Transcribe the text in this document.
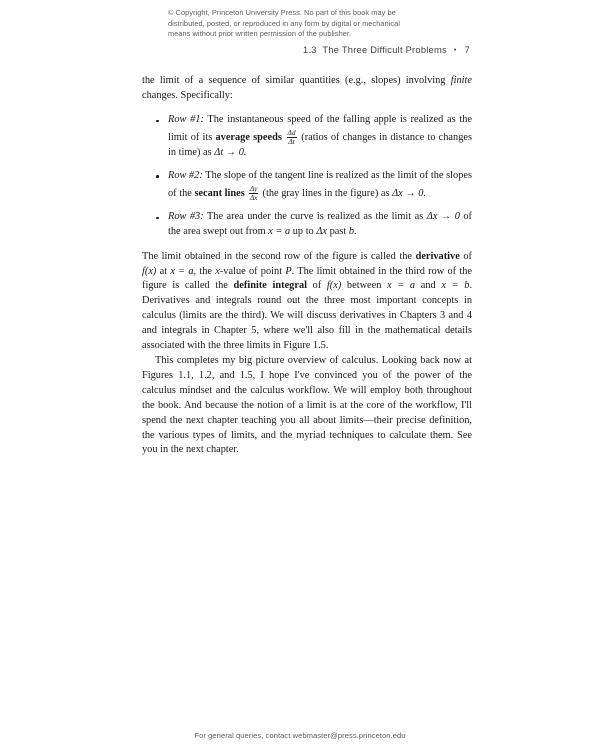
© Copyright, Princeton University Press. No part of this book may be
distributed, posted, or reproduced in any form by digital or mechanical
means without prior written permission of the publisher.
1.3 The Three Difficult Problems • 7

the limit of a sequence of similar quantities (e.g., slopes) involving finite changes. Specifically:

Row #1: The instantaneous speed of the falling apple is realized as the limit of its average speeds $\frac{\Delta d}{\Delta t}$ (ratios of changes in distance to changes in time) as Δt → 0.
Row #2: The slope of the tangent line is realized as the limit of the slopes of the secant lines $\frac{\Delta y}{\Delta x} (the$ gray lines in the figure) as Δx → 0.
Row #3: The area under the curve is realized as the limit as Δx → 0 of the area swept out from x = a up to Δx past b.

The limit obtained in the second row of the figure is called the derivative of f(x) at x = a, the x-value of point P. The limit obtained in the third row of the figure is called the definite integral of f(x) between x = a and x = b. Derivatives and integrals round out the three most important concepts in calculus (limits are the third). We will discuss derivatives in Chapters 3 and 4 and integrals in Chapter 5, where we'll also fill in the mathematical details associated with the three limits in Figure 1.5.

This completes my big picture overview of calculus. Looking back now at Figures 1.1, 1.2, and 1.5, I hope I've convinced you of the power of the calculus mindset and the calculus workflow. We will employ both throughout the book. And because the notion of a limit is at the core of the workflow, I'll spend the next chapter teaching you all about limits—their precise definition, the various types of limits, and the myriad techniques to calculate them. See you in the next chapter.

For general queries, contact webmaster@press.princeton.edu
